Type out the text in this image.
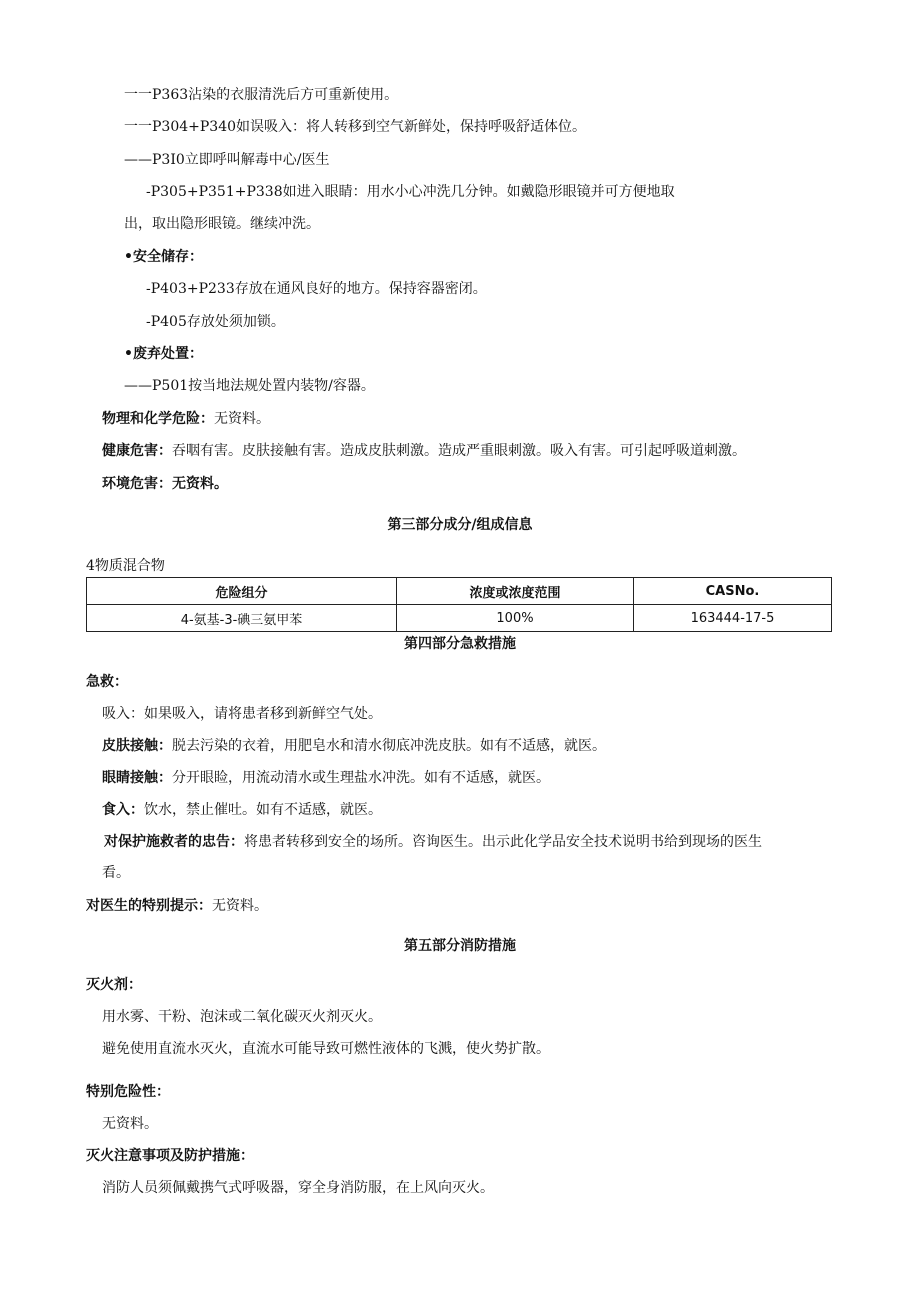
一一P363沾染的衣服清洗后方可重新使用。
一一P304+P340如误吸入：将人转移到空气新鲜处，保持呼吸舒适体位。
——P3I0立即呼叫解毒中心/医生
-P305+P351+P338如进入眼睛：用水小心冲洗几分钟。如戴隐形眼镜并可方便地取
出，取出隐形眼镜。继续冲洗。
•安全储存：
-P403+P233存放在通风良好的地方。保持容器密闭。
-P405存放处须加锁。
•废弃处置：
——P501按当地法规处置内装物/容器。
物理和化学危险：无资料。
健康危害：吞咽有害。皮肤接触有害。造成皮肤刺激。造成严重眼刺激。吸入有害。可引起呼吸道刺激。
环境危害：无资料。
第三部分成分/组成信息
4物质混合物
危险组分	浓度或浓度范围	CASNo.
4-氨基-3-碘三氨甲苯	100%	163444-17-5
第四部分急救措施
急救：
吸入：如果吸入，请将患者移到新鲜空气处。
皮肤接触：脱去污染的衣着，用肥皂水和清水彻底冲洗皮肤。如有不适感，就医。
眼睛接触：分开眼睑，用流动清水或生理盐水冲洗。如有不适感，就医。
食入：饮水，禁止催吐。如有不适感，就医。
对保护施救者的忠告：将患者转移到安全的场所。咨询医生。出示此化学品安全技术说明书给到现场的医生
看。
对医生的特别提示：无资料。
第五部分消防措施
灭火剂：
用水雾、干粉、泡沫或二氧化碳灭火剂灭火。
避免使用直流水灭火，直流水可能导致可燃性液体的飞溅，使火势扩散。
特别危险性：
无资料。
灭火注意事项及防护措施：
消防人员须佩戴携气式呼吸器，穿全身消防服，在上风向灭火。
